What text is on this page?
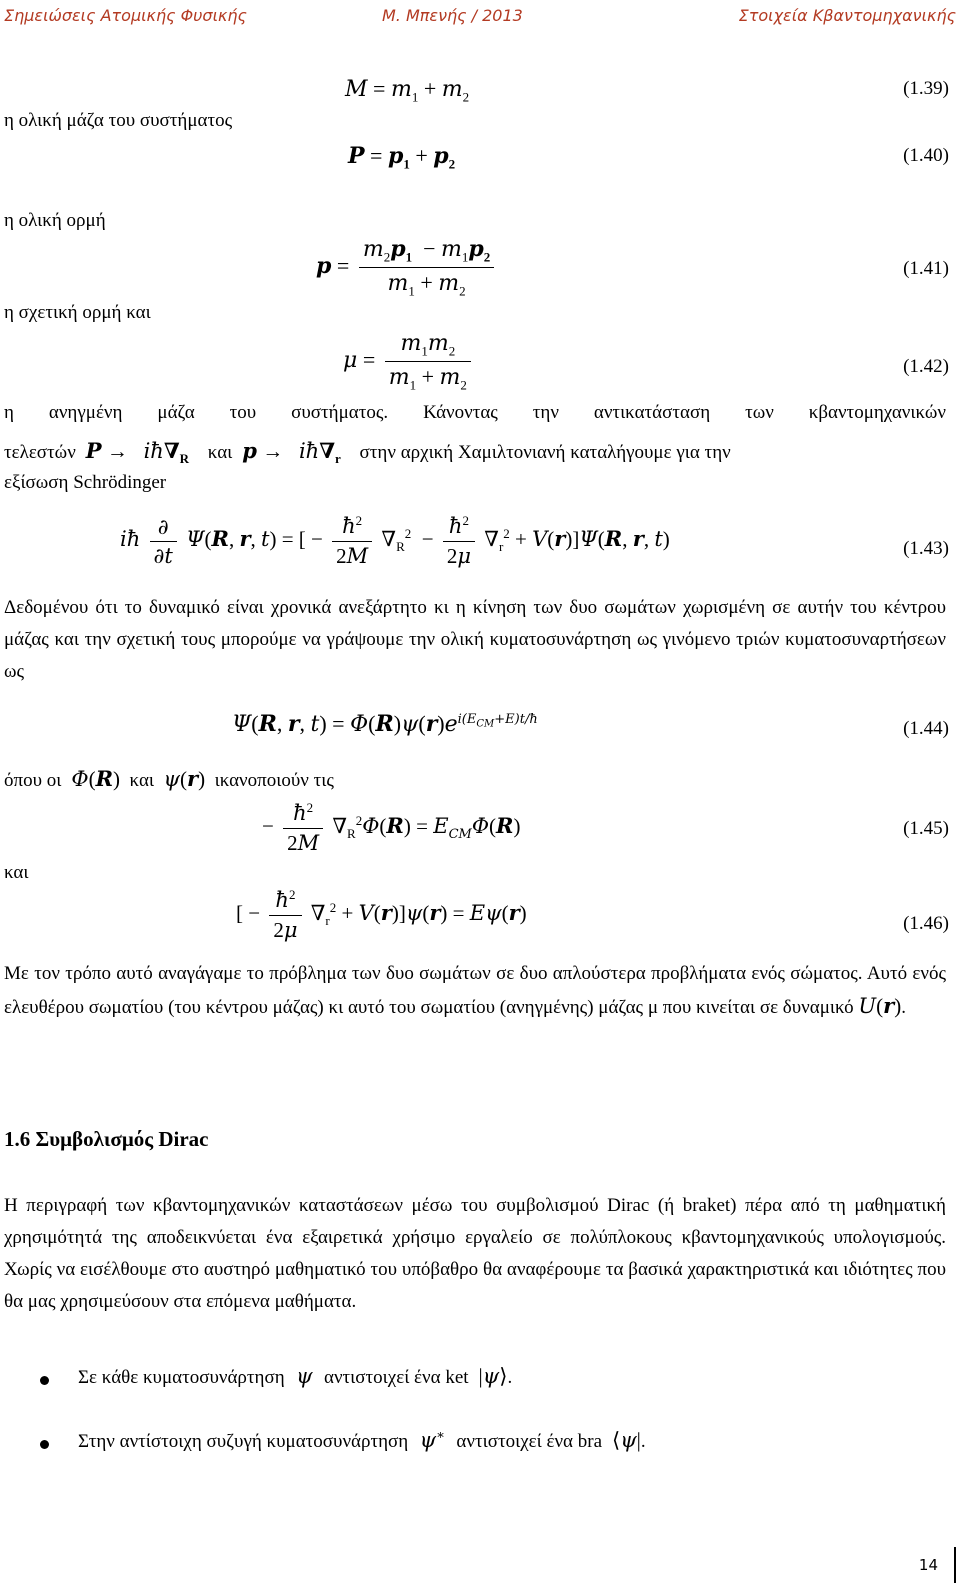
Σημειώσεις Ατομικής Φυσικής	Μ. Μπενής / 2013	Στοιχεία Κβαντομηχανικής
η ολική μάζα του συστήματος
η ολική ορμή
η σχετική ορμή και
$M = m_1 + m_2$	(1.39)
$P = p_1 + p_2$	(1.40)
$p = \frac{m_2p_1 - m_1p_2}{m_1 + m_2}$	(1.41)
$\mu = \frac{m_1m_2}{m_1 + m_2}$	(1.42)
η ανηγμένη μάζα του συστήματος. Κάνοντας την αντικατάσταση των κβαντομηχανικών
τελεστών $P \to iħ\nabla_R$ και $p \to iħ\nabla_r$ στην αρχική Χαμιλτονιανή καταλήγουμε για την
εξίσωση Schrödinger
iħ $\frac{\partial}{\partial t} \Psi(R$, r, t) = [ − $\frac{ħ^2}{2M} \nabla_R^2 - \frac{ħ^2}{2\mu} \nabla_r^2 + V(r)]\Psi(R$, r, t)	(1.43)
Δεδομένου ότι το δυναμικό είναι χρονικά ανεξάρτητο κι η κίνηση των δυο σωμάτων χωρισμένη σε αυτήν του κέντρου μάζας και την σχετική τους μπορούμε να γράψουμε την ολική κυματοσυνάρτηση ως γινόμενο τριών κυματοσυναρτήσεων ως
Ψ(R, r, $t) = \Phi(R)\psi(r)e^{i(E_{CM}+E)t/ħ}$	(1.44)
όπου οι Φ(R) και ψ(r) ικανοποιούν τις
− $\frac{ħ^2}{2M} \nabla_R^2\Phi(R) = E_{CM}\Phi(R)$	(1.45)
και
[ − $\frac{ħ^2}{2\mu} \nabla_r^2 + V(r)]\psi(r) = E\psi(r)$	(1.46)
Με τον τρόπο αυτό αναγάγαμε το πρόβλημα των δυο σωμάτων σε δυο απλούστερα προβλήματα ενός σώματος. Αυτό ενός ελευθέρου σωματίου (του κέντρου μάζας) κι αυτό του σωματίου (ανηγμένης) μάζας μ που κινείται σε δυναμικό U(r).
1.6 Συμβολισμός Dirac
Η περιγραφή των κβαντομηχανικών καταστάσεων μέσω του συμβολισμού Dirac (ή braket) πέρα από τη μαθηματική χρησιμότητά της αποδεικνύεται ένα εξαιρετικά χρήσιμο εργαλείο σε πολύπλοκους κβαντομηχανικούς υπολογισμούς. Χωρίς να εισέλθουμε στο αυστηρό μαθηματικό του υπόβαθρο θα αναφέρουμε τα βασικά χαρακτηριστικά και ιδιότητες που θα μας χρησιμεύσουν στα επόμενα μαθήματα.
Σε κάθε κυματοσυνάρτηση  ψ  αντιστοιχεί ένα ket  |ψ⟩.
Στην αντίστοιχη συζυγή κυματοσυνάρτηση  ψ∗ αντιστοιχεί ένα bra  ⟨ψ|.
14
